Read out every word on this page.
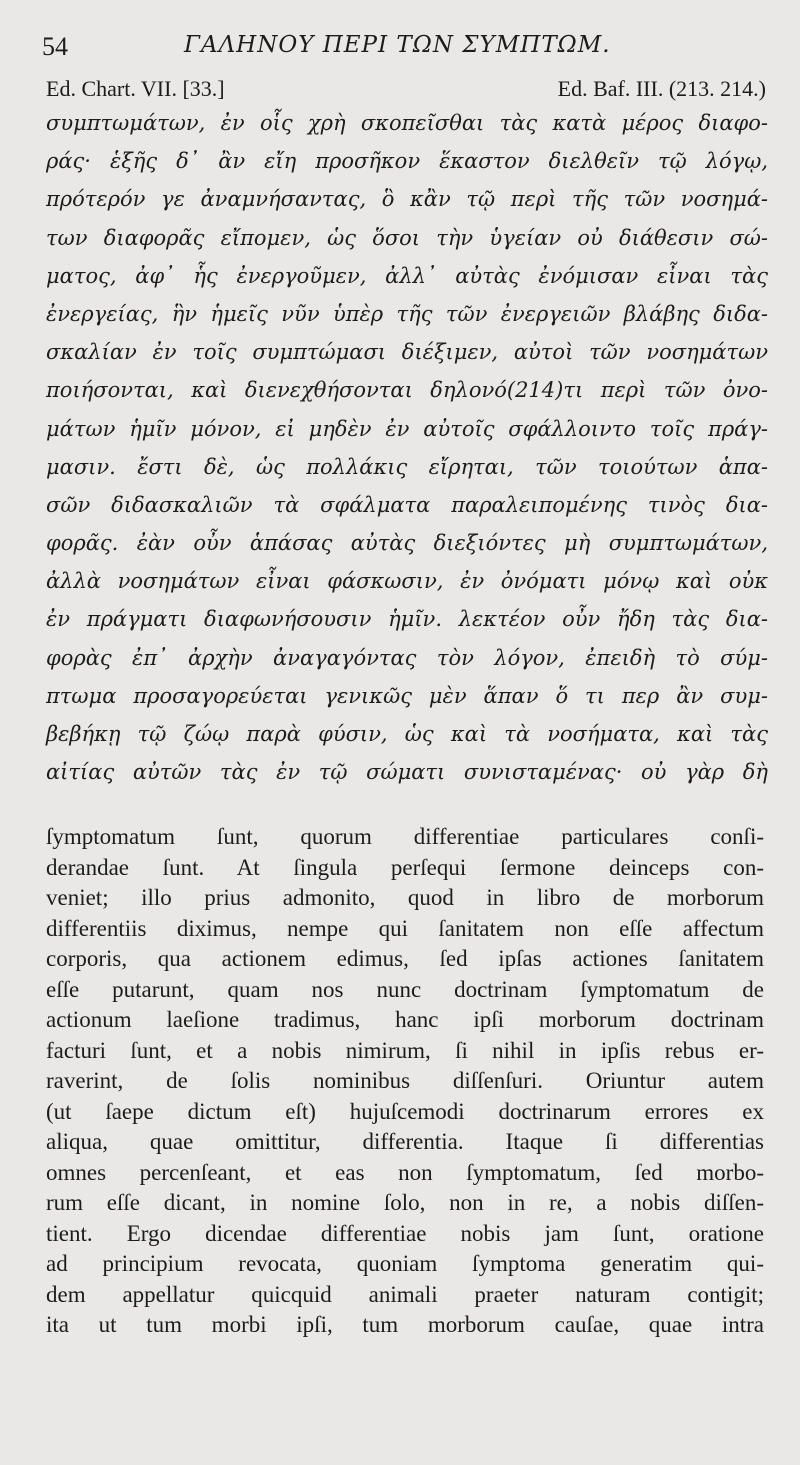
54	ΓΑΛΗΝΟΥ ΠΕΡΙ ΤΩΝ ΣΥΜΠΤΩΜ.
Ed. Chart. VII. [33.]	Ed. Baf. III. (213. 214.)
συμπτωμάτων, ἐν οἷς χρὴ σκοπεῖσθαι τὰς κατὰ μέρος διαφο-
ράς· ἑξῆς δ᾽ ἂν εἴη προσῆκον ἕκαστον διελθεῖν τῷ λόγῳ,
πρότερόν γε ἀναμνήσαντας, ὃ κἂν τῷ περὶ τῆς τῶν νοσημά-
των διαφορᾶς εἴπομεν, ὡς ὅσοι τὴν ὑγείαν οὐ διάθεσιν σώ-
ματος, ἀφ᾽ ἧς ἐνεργοῦμεν, ἀλλ᾽ αὐτὰς ἐνόμισαν εἶναι τὰς
ἐνεργείας, ἣν ἡμεῖς νῦν ὑπὲρ τῆς τῶν ἐνεργειῶν βλάβης διδα-
σκαλίαν ἐν τοῖς συμπτώμασι διέξιμεν, αὐτοὶ τῶν νοσημάτων
ποιήσονται, καὶ διενεχθήσονται δηλονό(214)τι περὶ τῶν ὀνο-
μάτων ἡμῖν μόνον, εἰ μηδὲν ἐν αὐτοῖς σφάλλοιντο τοῖς πράγ-
μασιν. ἔστι δὲ, ὡς πολλάκις εἴρηται, τῶν τοιούτων ἁπα-
σῶν διδασκαλιῶν τὰ σφάλματα παραλειπομένης τινὸς δια-
φορᾶς. ἐὰν οὖν ἁπάσας αὐτὰς διεξιόντες μὴ συμπτωμάτων,
ἀλλὰ νοσημάτων εἶναι φάσκωσιν, ἐν ὀνόματι μόνῳ καὶ οὐκ
ἐν πράγματι διαφωνήσουσιν ἡμῖν. λεκτέον οὖν ἤδη τὰς δια-
φορὰς ἐπ᾽ ἀρχὴν ἀναγαγόντας τὸν λόγον, ἐπειδὴ τὸ σύμ-
πτωμα προσαγορεύεται γενικῶς μὲν ἅπαν ὅ τι περ ἂν συμ-
βεβήκῃ τῷ ζώῳ παρὰ φύσιν, ὡς καὶ τὰ νοσήματα, καὶ τὰς
αἰτίας αὐτῶν τὰς ἐν τῷ σώματι συνισταμένας· οὐ γὰρ δὴ
ſymptomatum ſunt, quorum differentiae particulares conſi-
derandae ſunt. At ſingula perſequi ſermone deinceps con-
veniet; illo prius admonito, quod in libro de morborum
differentiis diximus, nempe qui ſanitatem non eſſe affectum
corporis, qua actionem edimus, ſed ipſas actiones ſanitatem
eſſe putarunt, quam nos nunc doctrinam ſymptomatum de
actionum laeſione tradimus, hanc ipſi morborum doctrinam
facturi ſunt, et a nobis nimirum, ſi nihil in ipſis rebus er-
raverint, de ſolis nominibus diſſenſuri. Oriuntur autem
(ut ſaepe dictum eſt) hujuſcemodi doctrinarum errores ex
aliqua, quae omittitur, differentia. Itaque ſi differentias
omnes percenſeant, et eas non ſymptomatum, ſed morbo-
rum eſſe dicant, in nomine ſolo, non in re, a nobis diſſen-
tient. Ergo dicendae differentiae nobis jam ſunt, oratione
ad principium revocata, quoniam ſymptoma generatim qui-
dem appellatur quicquid animali praeter naturam contigit;
ita ut tum morbi ipſi, tum morborum cauſae, quae intra
